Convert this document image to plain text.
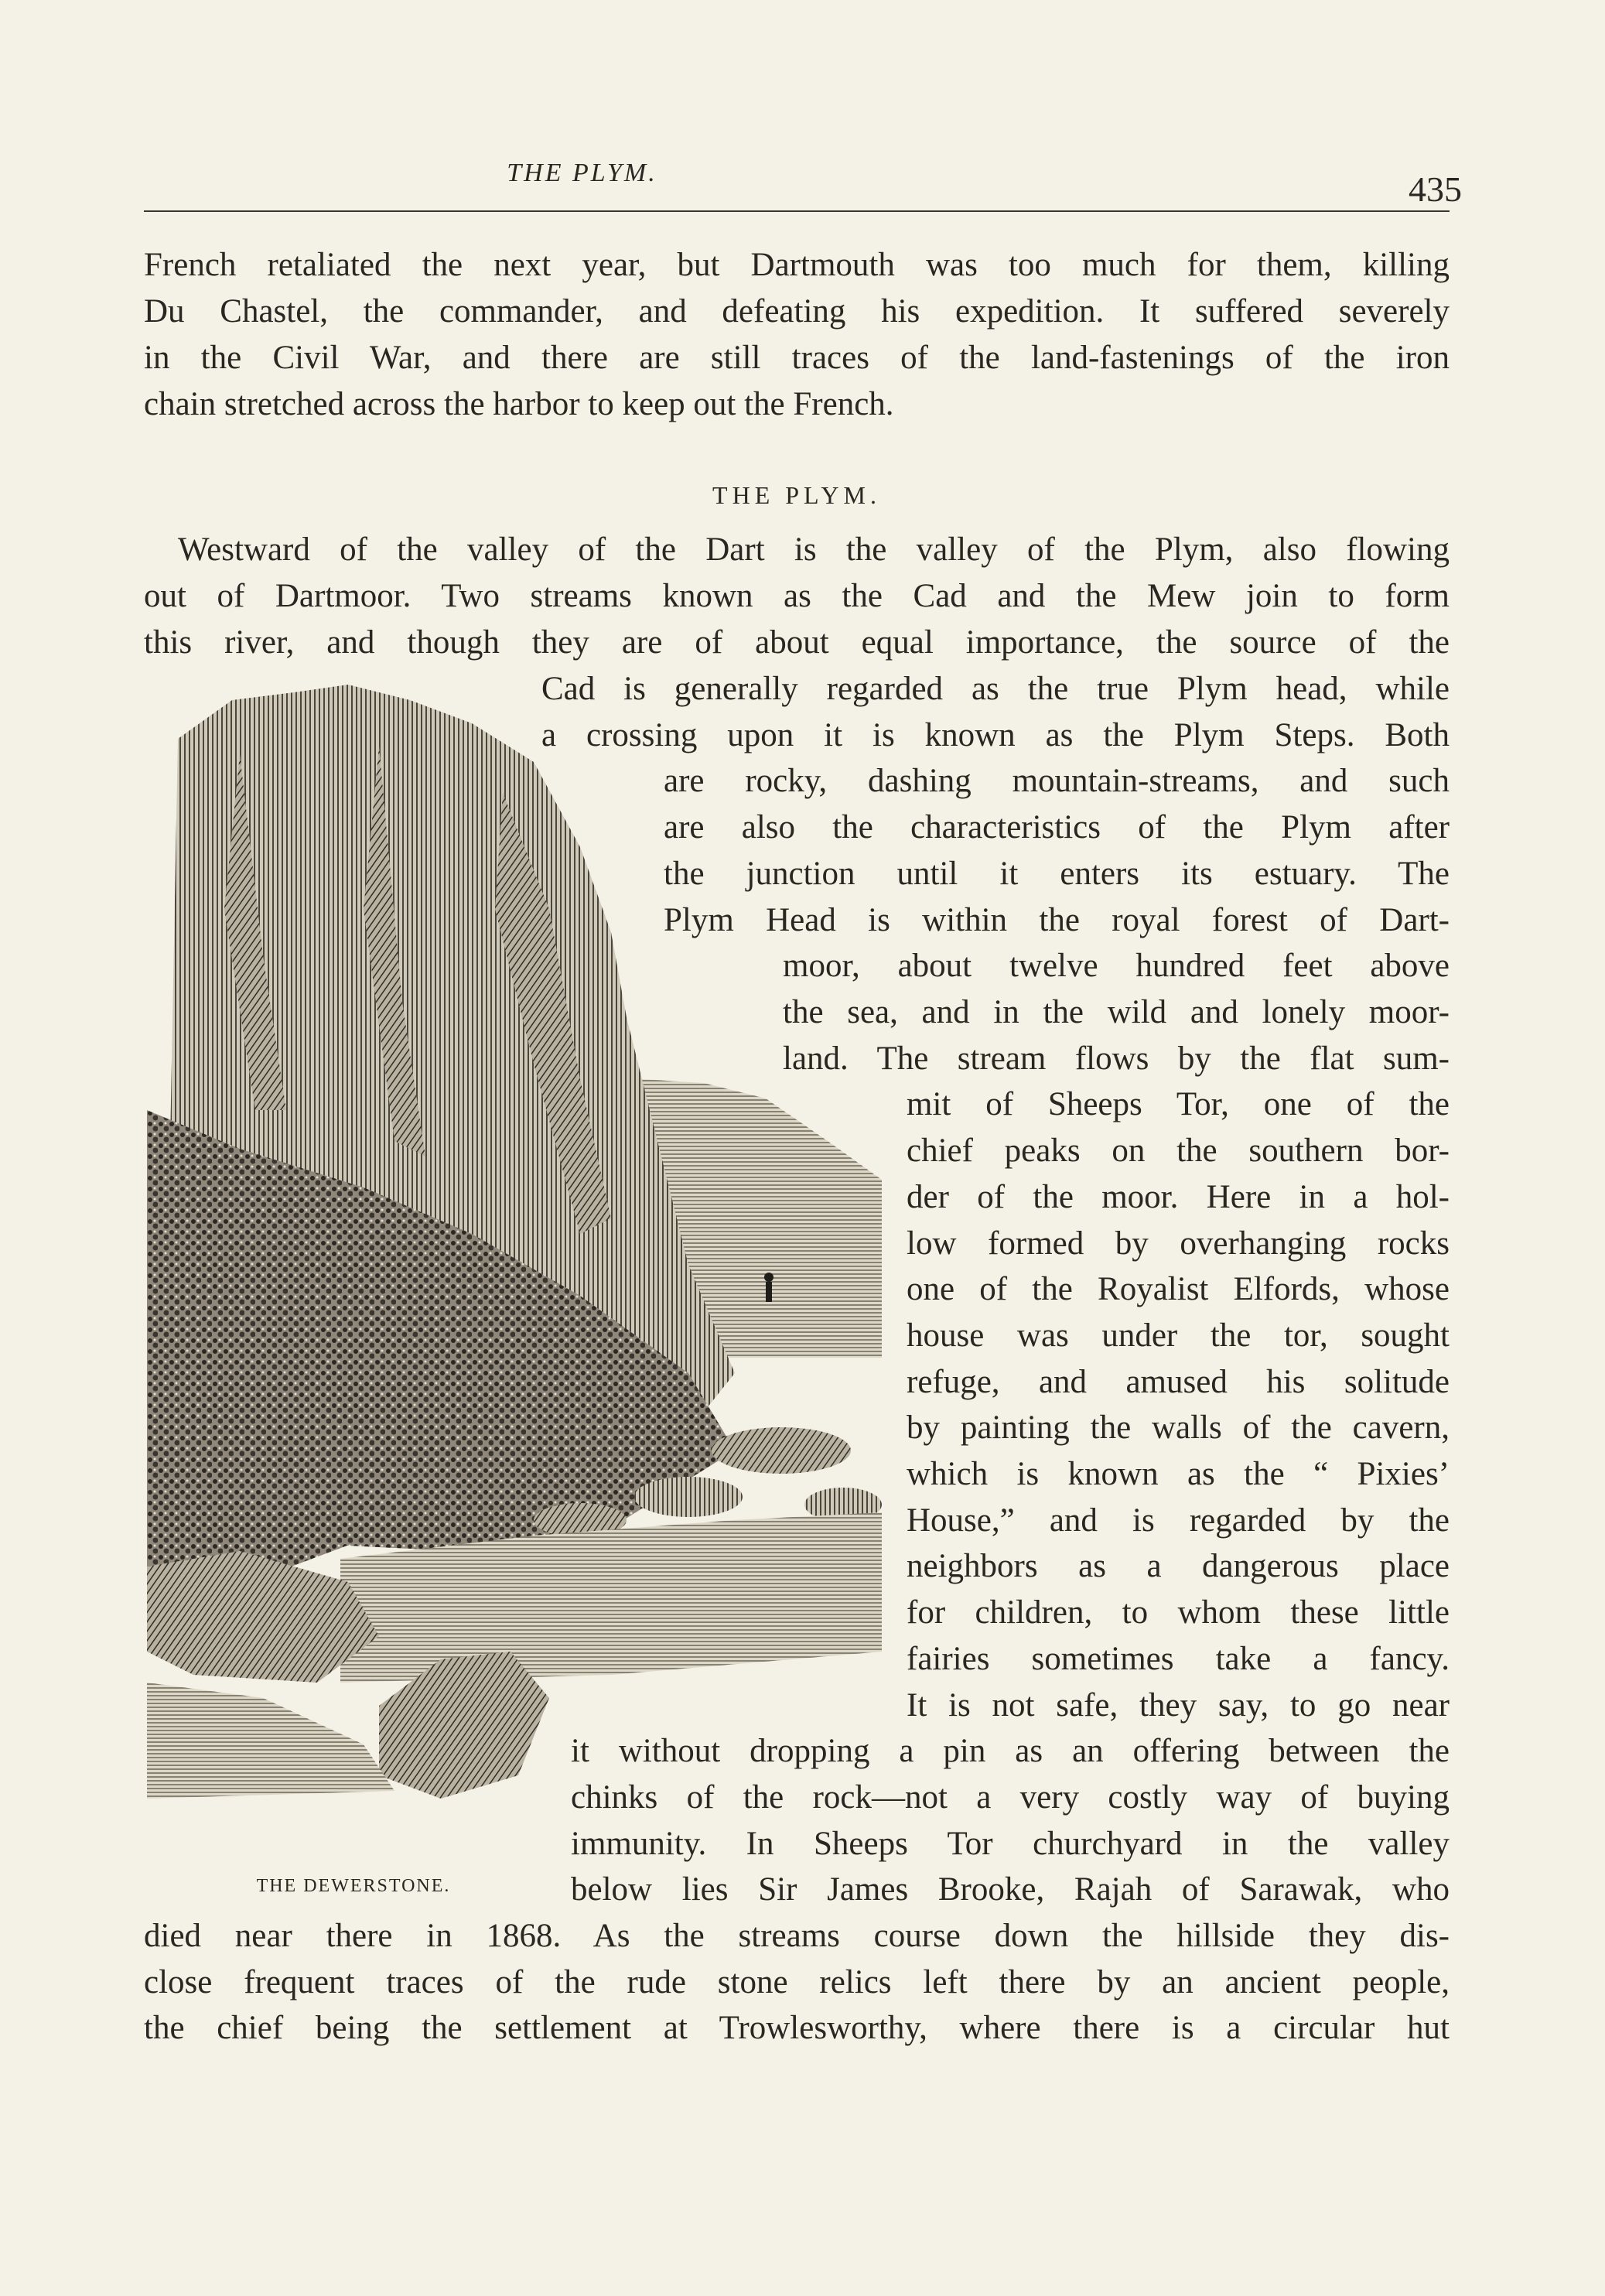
THE PLYM.	435
French retaliated the next year, but Dartmouth was too much for them, killing
Du Chastel, the commander, and defeating his expedition. It suffered severely
in the Civil War, and there are still traces of the land-fastenings of the iron
chain stretched across the harbor to keep out the French.
THE PLYM.
Westward of the valley of the Dart is the valley of the Plym, also flowing
out of Dartmoor. Two streams known as the Cad and the Mew join to form
this river, and though they are of about equal importance, the source of the
Cad is generally regarded as the true Plym head, while
a crossing upon it is known as the Plym Steps. Both
are rocky, dashing mountain-streams, and such
are also the characteristics of the Plym after
the junction until it enters its estuary. The
Plym Head is within the royal forest of Dart-
moor, about twelve hundred feet above
the sea, and in the wild and lonely moor-
land. The stream flows by the flat sum-
mit of Sheeps Tor, one of the
chief peaks on the southern bor-
der of the moor. Here in a hol-
low formed by overhanging rocks
one of the Royalist Elfords, whose
house was under the tor, sought
refuge, and amused his solitude
by painting the walls of the cavern,
which is known as the “ Pixies’
House,” and is regarded by the
neighbors as a dangerous place
for children, to whom these little
fairies sometimes take a fancy.
It is not safe, they say, to go near
it without dropping a pin as an offering between the
chinks of the rock—not a very costly way of buying
immunity. In Sheeps Tor churchyard in the valley
below lies Sir James Brooke, Rajah of Sarawak, who
died near there in 1868. As the streams course down the hillside they dis-
close frequent traces of the rude stone relics left there by an ancient people,
the chief being the settlement at Trowlesworthy, where there is a circular hut
THE DEWERSTONE.
